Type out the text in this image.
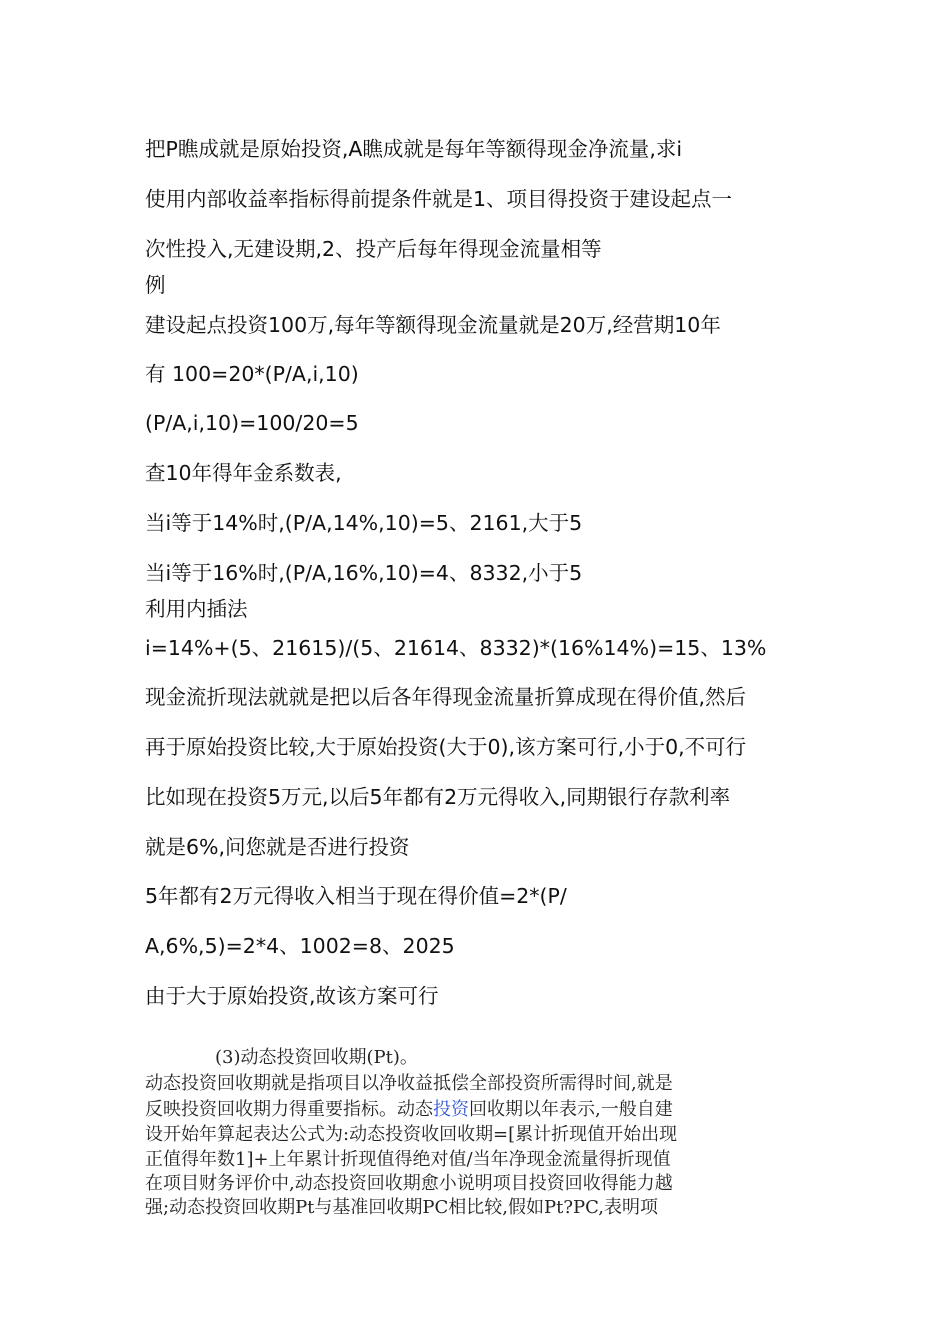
把P瞧成就是原始投资,A瞧成就是每年等额得现金净流量,求i
使用内部收益率指标得前提条件就是1、项目得投资于建设起点一
次性投入,无建设期,2、投产后每年得现金流量相等
例
建设起点投资100万,每年等额得现金流量就是20万,经营期10年
有 100=20*(P/A,i,10)
(P/A,i,10)=100/20=5
查10年得年金系数表,
当i等于14%时,(P/A,14%,10)=5、2161,大于5
当i等于16%时,(P/A,16%,10)=4、8332,小于5
利用内插法
i=14%+(5、21615)/(5、21614、8332)*(16%14%)=15、13%
现金流折现法就就是把以后各年得现金流量折算成现在得价值,然后
再于原始投资比较,大于原始投资(大于0),该方案可行,小于0,不可行
比如现在投资5万元,以后5年都有2万元得收入,同期银行存款利率
就是6%,问您就是否进行投资
5年都有2万元得收入相当于现在得价值=2*(P/
A,6%,5)=2*4、1002=8、2025
由于大于原始投资,故该方案可行
(3)动态投资回收期(Pt)。
动态投资回收期就是指项目以净收益抵偿全部投资所需得时间,就是
反映投资回收期力得重要指标。动态投资回收期以年表示,一般自建
设开始年算起表达公式为:动态投资收回收期=[累计折现值开始出现
正值得年数1]+上年累计折现值得绝对值/当年净现金流量得折现值
在项目财务评价中,动态投资回收期愈小说明项目投资回收得能力越
强;动态投资回收期Pt与基准回收期PC相比较,假如Pt?PC,表明项
